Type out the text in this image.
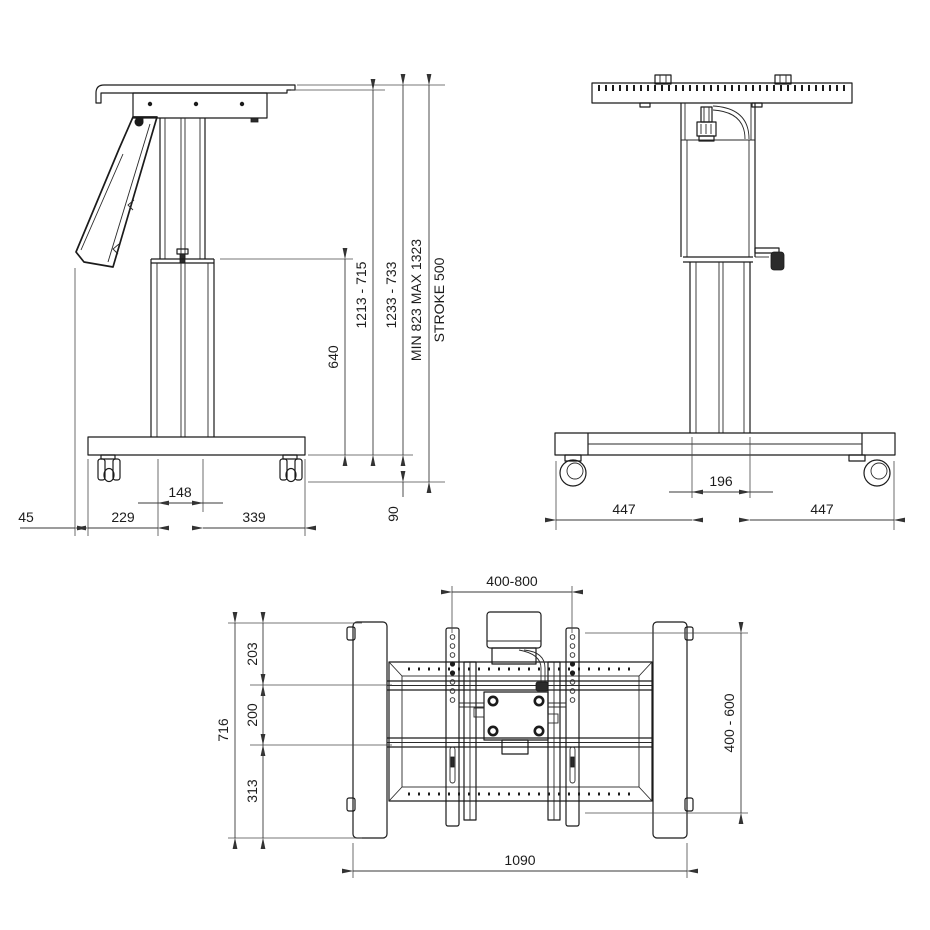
640
1213 - 715 1233 - 733 MIN 823 MAX 1323 STROKE 500
90
45	229
148
339
196
447	447
400-800
716
203
200
313
400 - 600
1090
